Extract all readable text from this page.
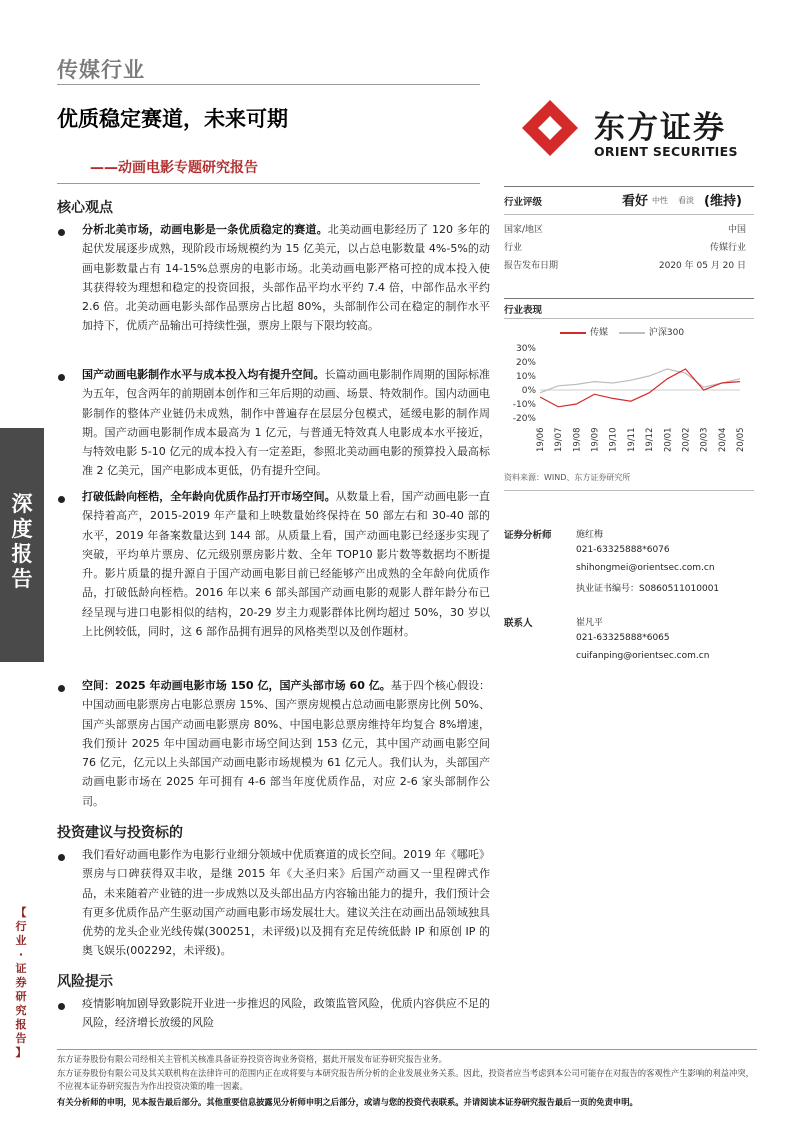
传媒行业
优质稳定赛道，未来可期
——动画电影专题研究报告
东方证券
ORIENT SECURITIES
核心观点
分析北美市场，动画电影是一条优质稳定的赛道。北美动画电影经历了 120 多年的起伏发展逐步成熟，现阶段市场规模约为 15 亿美元，以占总电影数量 4%-5%的动画电影数量占有 14-15%总票房的电影市场。北美动画电影严格可控的成本投入使其获得较为理想和稳定的投资回报，头部作品平均水平约 7.4 倍，中部作品水平约 2.6 倍。北美动画电影头部作品票房占比超 80%，头部制作公司在稳定的制作水平加持下，优质产品输出可持续性强，票房上限与下限均较高。
国产动画电影制作水平与成本投入均有提升空间。长篇动画电影制作周期的国际标准为五年，包含两年的前期剧本创作和三年后期的动画、场景、特效制作。国内动画电影制作的整体产业链仍未成熟，制作中普遍存在层层分包模式，延缓电影的制作周期。国产动画电影制作成本最高为 1 亿元，与普通无特效真人电影成本水平接近，与特效电影 5-10 亿元的成本投入有一定差距，参照北美动画电影的预算投入最高标准 2 亿美元，国产电影成本更低，仍有提升空间。
打破低龄向桎梏，全年龄向优质作品打开市场空间。从数量上看，国产动画电影一直保持着高产，2015-2019 年产量和上映数量始终保持在 50 部左右和 30-40 部的水平，2019 年备案数量达到 144 部。从质量上看，国产动画电影已经逐步实现了突破，平均单片票房、亿元级别票房影片数、全年 TOP10 影片数等数据均不断提升。影片质量的提升源自于国产动画电影目前已经能够产出成熟的全年龄向优质作品，打破低龄向桎梏。2016 年以来 6 部头部国产动画电影的观影人群年龄分布已经呈现与进口电影相似的结构，20-29 岁主力观影群体比例均超过 50%，30 岁以上比例较低，同时，这 6 部作品拥有迥异的风格类型以及创作题材。
空间：2025 年动画电影市场 150 亿，国产头部市场 60 亿。基于四个核心假设：中国动画电影票房占电影总票房 15%、国产票房规模占总动画电影票房比例 50%、国产头部票房占国产动画电影票房 80%、中国电影总票房维持年均复合 8%增速，我们预计 2025 年中国动画电影市场空间达到 153 亿元，其中国产动画电影空间 76 亿元，亿元以上头部国产动画电影市场规模为 61 亿元人。我们认为，头部国产动画电影市场在 2025 年可拥有 4-6 部当年度优质作品，对应 2-6 家头部制作公司。
投资建议与投资标的
我们看好动画电影作为电影行业细分领域中优质赛道的成长空间。2019 年《哪吒》票房与口碑获得双丰收，是继 2015 年《大圣归来》后国产动画又一里程碑式作品，未来随着产业链的进一步成熟以及头部出品方内容输出能力的提升，我们预计会有更多优质作品产生驱动国产动画电影市场发展壮大。建议关注在动画出品领域独具优势的龙头企业光线传媒(300251，未评级)以及拥有充足传统低龄 IP 和原创 IP 的奥飞娱乐(002292，未评级)。
风险提示
疫情影响加剧导致影院开业进一步推迟的风险，政策监管风险，优质内容供应不足的风险，经济增长放缓的风险
行业评级	看好 中性 看淡 (维持)
国家/地区	中国
行业	传媒行业
报告发布日期	2020 年 05 月 20 日
行业表现
传媒	沪深300
30%
20%
10%
0%
-10%
-20%
19/06 19/07 19/08 19/09 19/10 19/11 19/12 20/01 20/02 20/03 20/04 20/05
资料来源：WIND、东方证券研究所
证券分析师	施红梅
021-63325888*6076
shihongmei@orientsec.com.cn
执业证书编号：S0860511010001
联系人	崔凡平
021-63325888*6065
cuifanping@orientsec.com.cn
深
度
报
告
【
行
业
·
证
券
研
究
报
告
】	东方证券股份有限公司经相关主管机关核准具备证券投资咨询业务资格，据此开展发布证券研究报告业务。
东方证券股份有限公司及其关联机构在法律许可的范围内正在或将要与本研究报告所分析的企业发展业务关系。因此，投资者应当考虑到本公司可能存在对报告的客观性产生影响的利益冲突，不应视本证券研究报告为作出投资决策的唯一因素。
有关分析师的申明，见本报告最后部分。其他重要信息披露见分析师申明之后部分，或请与您的投资代表联系。并请阅读本证券研究报告最后一页的免责申明。
